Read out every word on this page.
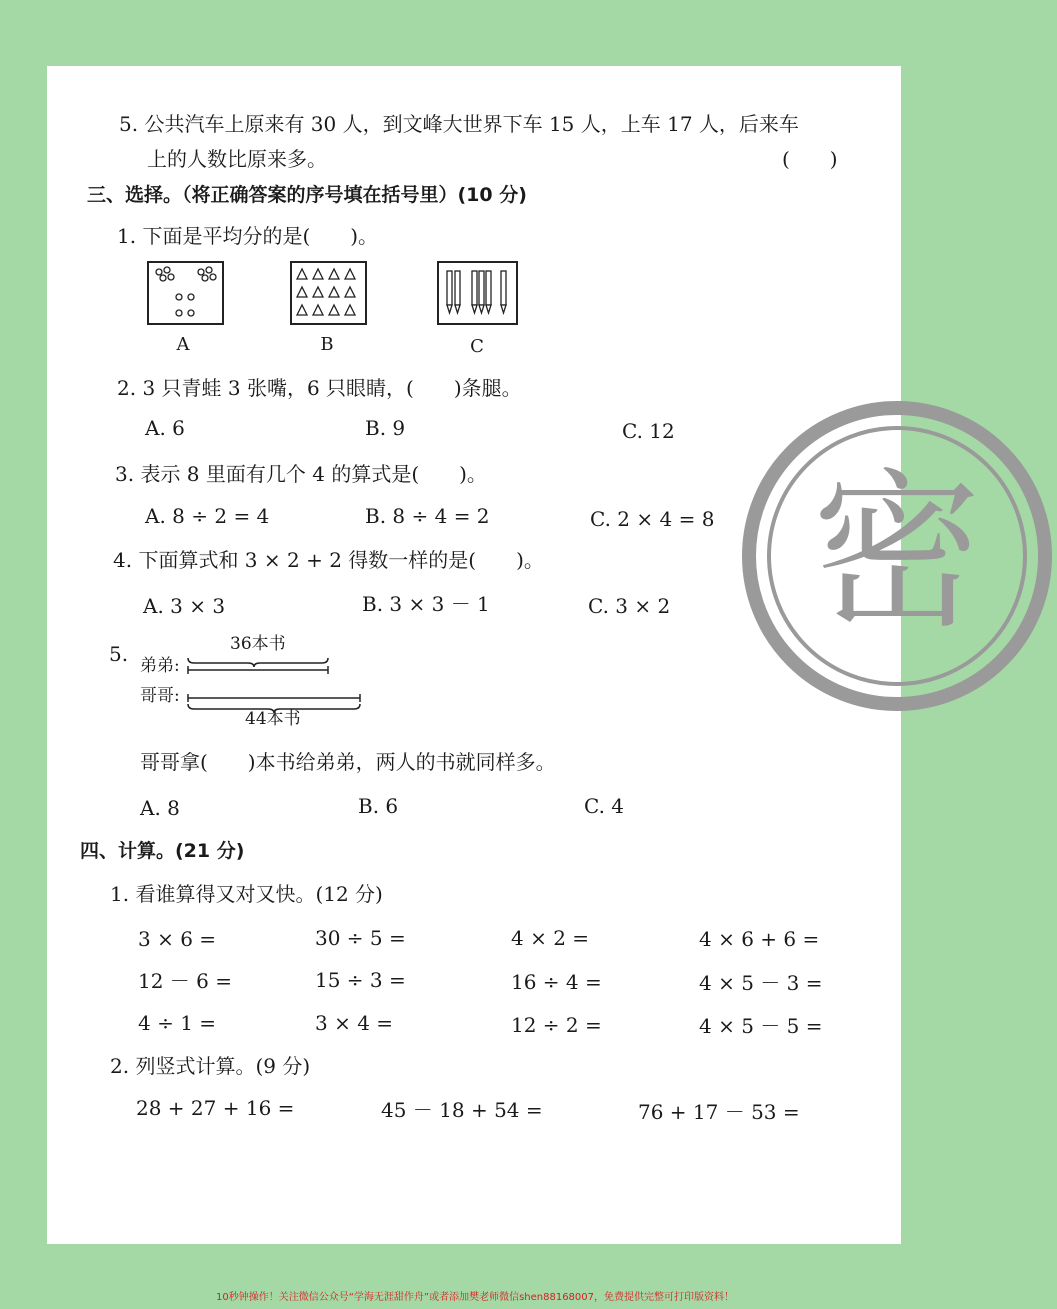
密
5. 公共汽车上原来有 30 人，到文峰大世界下车 15 人，上车 17 人，后来车
上的人数比原来多。	(　　)
三、选择。（将正确答案的序号填在括号里）(10 分)
1. 下面是平均分的是(　　)。
A	B	C
2. 3 只青蛙 3 张嘴，6 只眼睛，(　　)条腿。
A. 6	B. 9	C. 12
3. 表示 8 里面有几个 4 的算式是(　　)。
A. 8 ÷ 2 = 4	B. 8 ÷ 4 = 2	C. 2 × 4 = 8
4. 下面算式和 3 × 2 + 2 得数一样的是(　　)。
A. 3 × 3	B. 3 × 3 － 1	C. 3 × 2
5.	36本书
弟弟:
哥哥:
44本书
哥哥拿(　　)本书给弟弟，两人的书就同样多。
A. 8	B. 6	C. 4
四、计算。(21 分)
1. 看谁算得又对又快。(12 分)
3 × 6 =	30 ÷ 5 =	4 × 2 =	4 × 6 + 6 =
12 － 6 =	15 ÷ 3 =	16 ÷ 4 =	4 × 5 － 3 =
4 ÷ 1 =	3 × 4 =	12 ÷ 2 =	4 × 5 － 5 =
2. 列竖式计算。(9 分)
28 + 27 + 16 =	45 － 18 + 54 =	76 + 17 － 53 =
10秒钟操作！关注微信公众号“学海无涯甜作舟”或者添加樊老师微信shen88168007，免费提供完整可打印版资料！
